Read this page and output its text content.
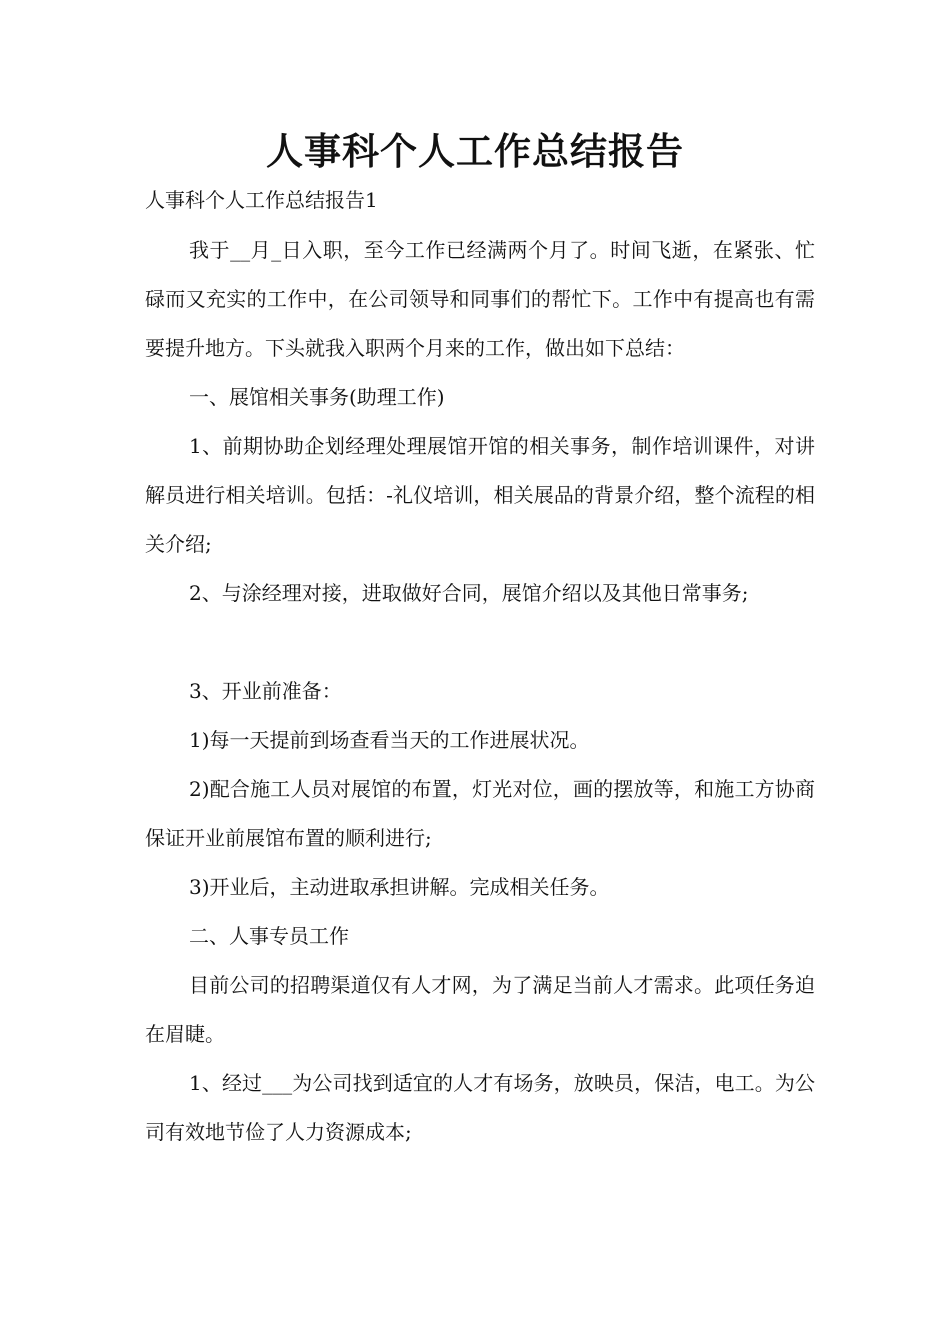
人事科个人工作总结报告

人事科个人工作总结报告1

我于__月_日入职，至今工作已经满两个月了。时间飞逝，在紧张、忙碌而又充实的工作中，在公司领导和同事们的帮忙下。工作中有提高也有需要提升地方。下头就我入职两个月来的工作，做出如下总结：

一、展馆相关事务(助理工作)

1、前期协助企划经理处理展馆开馆的相关事务，制作培训课件，对讲解员进行相关培训。包括：-礼仪培训，相关展品的背景介绍，整个流程的相关介绍;

2、与涂经理对接，进取做好合同，展馆介绍以及其他日常事务;

3、开业前准备：

1)每一天提前到场查看当天的工作进展状况。

2)配合施工人员对展馆的布置，灯光对位，画的摆放等，和施工方协商保证开业前展馆布置的顺利进行;

3)开业后，主动进取承担讲解。完成相关任务。

二、人事专员工作

目前公司的招聘渠道仅有人才网，为了满足当前人才需求。此项任务迫在眉睫。

1、经过___为公司找到适宜的人才有场务，放映员，保洁，电工。为公司有效地节俭了人力资源成本;
